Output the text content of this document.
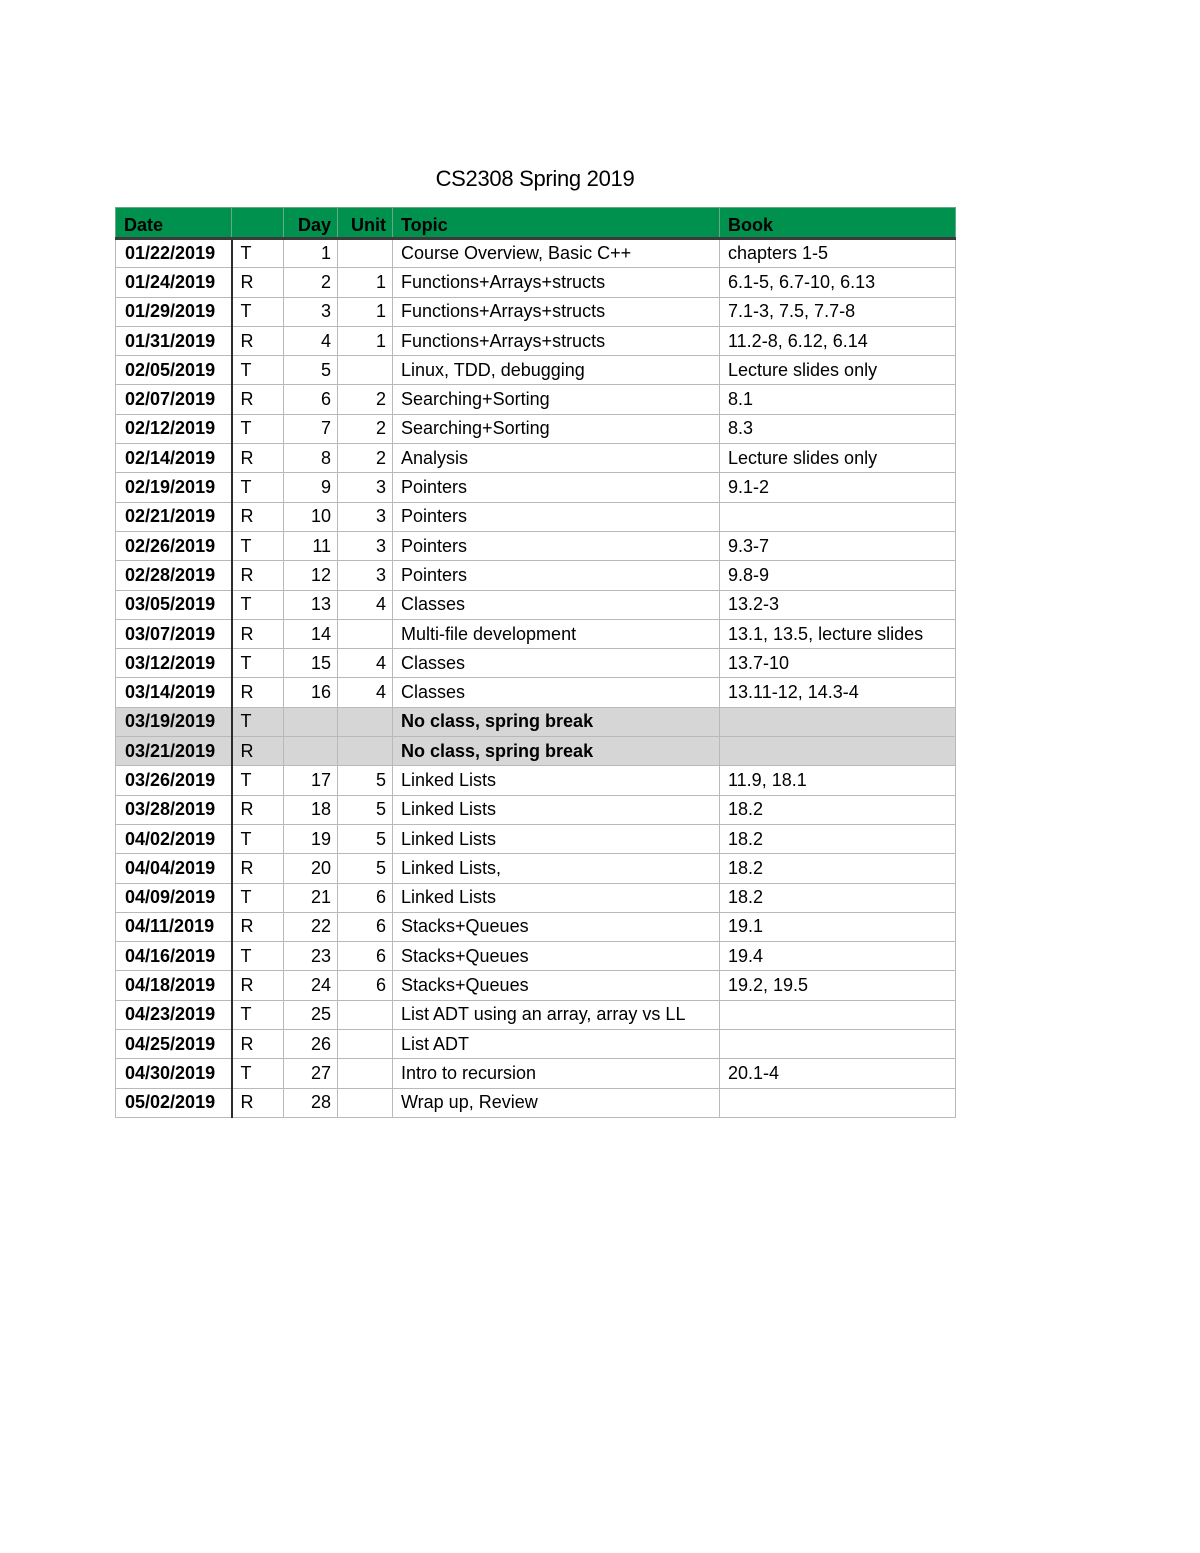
CS2308 Spring 2019
Date		Day	Unit	Topic	Book
01/22/2019	T	1		Course Overview, Basic C++	chapters 1-5
01/24/2019	R	2	1	Functions+Arrays+structs	6.1-5, 6.7-10, 6.13
01/29/2019	T	3	1	Functions+Arrays+structs	7.1-3, 7.5, 7.7-8
01/31/2019	R	4	1	Functions+Arrays+structs	11.2-8, 6.12, 6.14
02/05/2019	T	5		Linux, TDD, debugging	Lecture slides only
02/07/2019	R	6	2	Searching+Sorting	8.1
02/12/2019	T	7	2	Searching+Sorting	8.3
02/14/2019	R	8	2	Analysis	Lecture slides only
02/19/2019	T	9	3	Pointers	9.1-2
02/21/2019	R	10	3	Pointers	
02/26/2019	T	11	3	Pointers	9.3-7
02/28/2019	R	12	3	Pointers	9.8-9
03/05/2019	T	13	4	Classes	13.2-3
03/07/2019	R	14		Multi-file development	13.1, 13.5, lecture slides
03/12/2019	T	15	4	Classes	13.7-10
03/14/2019	R	16	4	Classes	13.11-12, 14.3-4
03/19/2019	T			No class, spring break	
03/21/2019	R			No class, spring break	
03/26/2019	T	17	5	Linked Lists	11.9, 18.1
03/28/2019	R	18	5	Linked Lists	18.2
04/02/2019	T	19	5	Linked Lists	18.2
04/04/2019	R	20	5	Linked Lists,	18.2
04/09/2019	T	21	6	Linked Lists	18.2
04/11/2019	R	22	6	Stacks+Queues	19.1
04/16/2019	T	23	6	Stacks+Queues	19.4
04/18/2019	R	24	6	Stacks+Queues	19.2, 19.5
04/23/2019	T	25		List ADT using an array, array vs LL	
04/25/2019	R	26		List ADT	
04/30/2019	T	27		Intro to recursion	20.1-4
05/02/2019	R	28		Wrap up, Review	
